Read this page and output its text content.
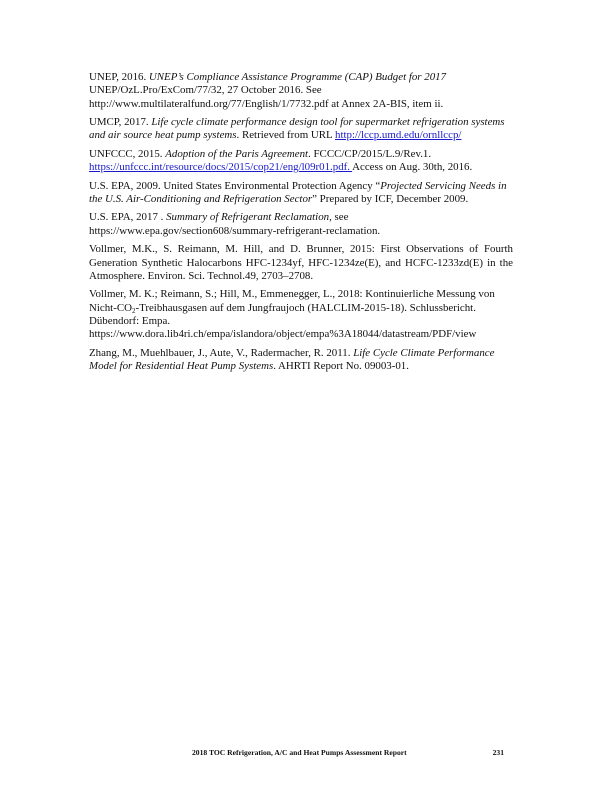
UNEP, 2016. UNEP’s Compliance Assistance Programme (CAP) Budget for 2017
UNEP/OzL.Pro/ExCom/77/32, 27 October 2016. See
http://www.multilateralfund.org/77/English/1/7732.pdf at Annex 2A-BIS, item ii.

UMCP, 2017. Life cycle climate performance design tool for supermarket refrigeration systems and air source heat pump systems. Retrieved from URL http://lccp.umd.edu/ornllccp/

UNFCCC, 2015. Adoption of the Paris Agreement. FCCC/CP/2015/L.9/Rev.1.
https://unfccc.int/resource/docs/2015/cop21/eng/l09r01.pdf. Access on Aug. 30th, 2016.

U.S. EPA, 2009. United States Environmental Protection Agency “Projected Servicing Needs in the U.S. Air-Conditioning and Refrigeration Sector” Prepared by ICF, December 2009.

U.S. EPA, 2017 . Summary of Refrigerant Reclamation, see
https://www.epa.gov/section608/summary-refrigerant-reclamation.

Vollmer, M.K., S. Reimann, M. Hill, and D. Brunner, 2015: First Observations of Fourth Generation Synthetic Halocarbons HFC-1234yf, HFC-1234ze(E), and HCFC-1233zd(E) in the Atmosphere. Environ. Sci. Technol.49, 2703–2708.

Vollmer, M. K.; Reimann, S.; Hill, M., Emmenegger, L., 2018: Kontinuierliche Messung von Nicht-$CO_2$-Treibhausgasen auf dem Jungfraujoch (HALCLIM-2015-18). Schlussbericht.
Dübendorf: Empa.
https://www.dora.lib4ri.ch/empa/islandora/object/empa%3A18044/datastream/PDF/view

Zhang, M., Muehlbauer, J., Aute, V., Radermacher, R. 2011. Life Cycle Climate Performance Model for Residential Heat Pump Systems. AHRTI Report No. 09003-01.

2018 TOC Refrigeration, A/C and Heat Pumps Assessment Report	231
